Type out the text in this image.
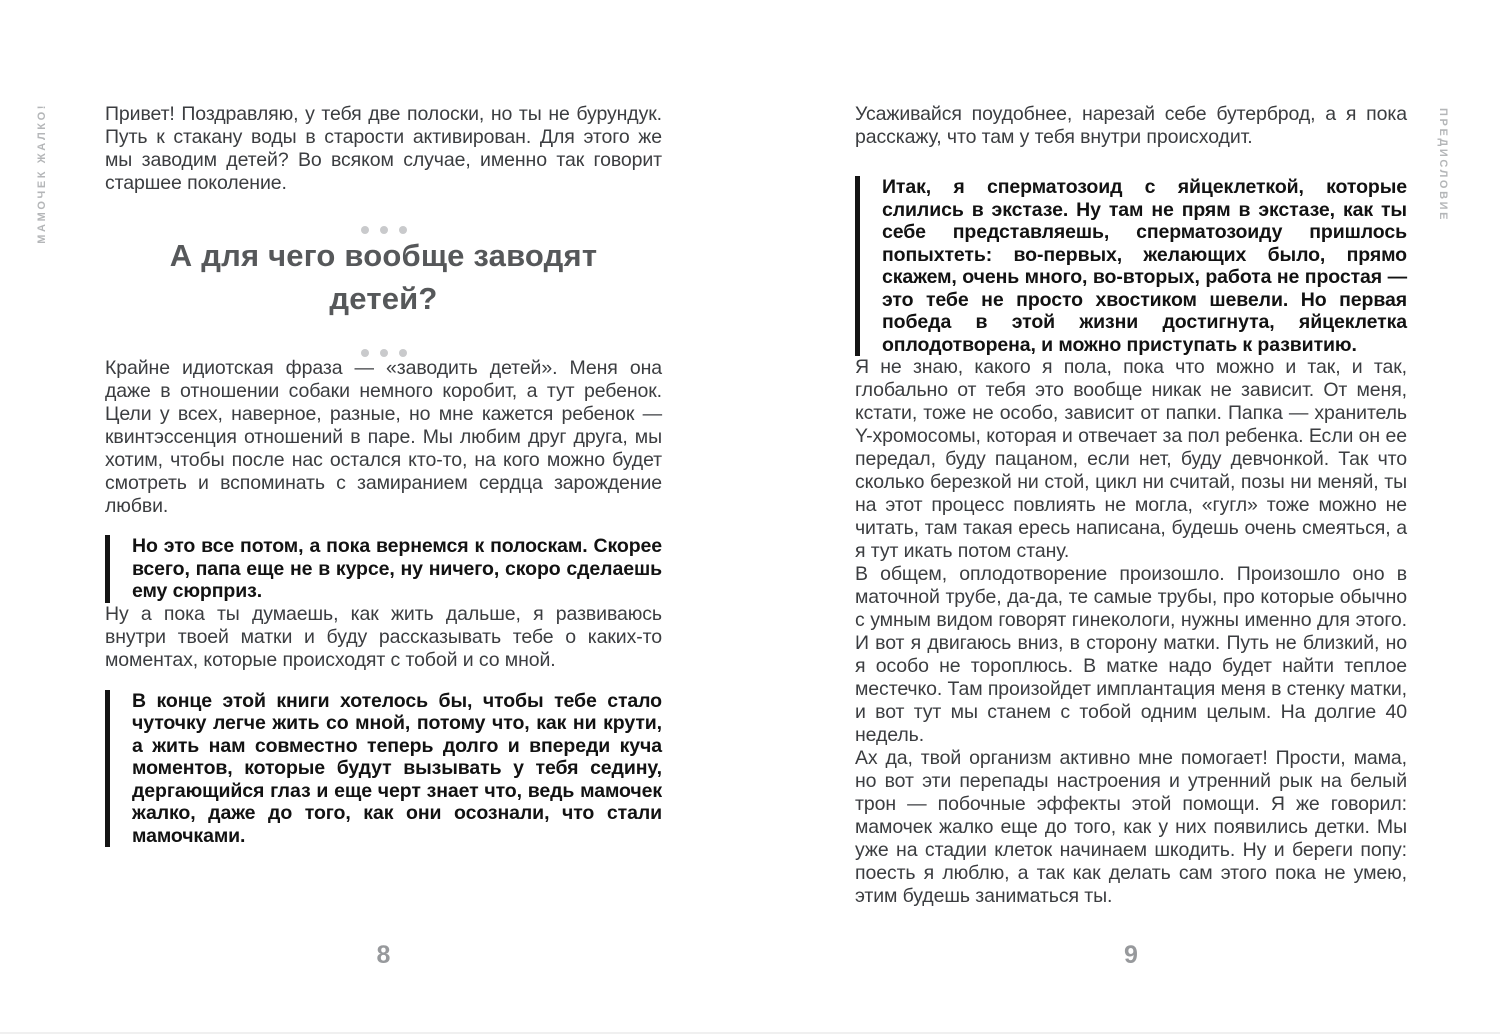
МАМОЧЕК ЖАЛКО!	ПРЕДИСЛОВИЕ

Привет! Поздравляю, у тебя две полоски, но ты не бурундук. Путь к стакану воды в старости активирован. Для этого же мы заводим детей? Во всяком случае, именно так говорит старшее поколение.

А для чего вообще заводят детей?

Крайне идиотская фраза — «заводить детей». Меня она даже в отношении собаки немного коробит, а тут ребенок. Цели у всех, наверное, разные, но мне кажется ребенок — квинтэссенция отношений в паре. Мы любим друг друга, мы хотим, чтобы после нас остался кто-то, на кого можно будет смотреть и вспоминать с замиранием сердца зарождение любви.

Но это все потом, а пока вернемся к полоскам. Скорее всего, папа еще не в курсе, ну ничего, скоро сделаешь ему сюрприз.

Ну а пока ты думаешь, как жить дальше, я развиваюсь внутри твоей матки и буду рассказывать тебе о каких-то моментах, которые происходят с тобой и со мной.

В конце этой книги хотелось бы, чтобы тебе стало чуточку легче жить со мной, потому что, как ни крути, а жить нам совместно теперь долго и впереди куча моментов, которые будут вызывать у тебя седину, дергающийся глаз и еще черт знает что, ведь мамочек жалко, даже до того, как они осознали, что стали мамочками.
8

Усаживайся поудобнее, нарезай себе бутерброд, а я пока расскажу, что там у тебя внутри происходит.

Итак, я сперматозоид с яйцеклеткой, которые слились в экстазе. Ну там не прям в экстазе, как ты себе представляешь, сперматозоиду пришлось попыхтеть: во-первых, желающих было, прямо скажем, очень много, во-вторых, работа не простая — это тебе не просто хвостиком шевели. Но первая победа в этой жизни достигнута, яйцеклетка оплодотворена, и можно приступать к развитию.

Я не знаю, какого я пола, пока что можно и так, и так, глобально от тебя это вообще никак не зависит. От меня, кстати, тоже не особо, зависит от папки. Папка — хранитель Y-хромосомы, которая и отвечает за пол ребенка. Если он ее передал, буду пацаном, если нет, буду девчонкой. Так что сколько березкой ни стой, цикл ни считай, позы ни меняй, ты на этот процесс повлиять не могла, «гугл» тоже можно не читать, там такая ересь написана, будешь очень смеяться, а я тут икать потом стану.

В общем, оплодотворение произошло. Произошло оно в маточной трубе, да-да, те самые трубы, про которые обычно с умным видом говорят гинекологи, нужны именно для этого. И вот я двигаюсь вниз, в сторону матки. Путь не близкий, но я особо не тороплюсь. В матке надо будет найти теплое местечко. Там произойдет имплантация меня в стенку матки, и вот тут мы станем с тобой одним целым. На долгие 40 недель.

Ах да, твой организм активно мне помогает! Прости, мама, но вот эти перепады настроения и утренний рык на белый трон — побочные эффекты этой помощи. Я же говорил: мамочек жалко еще до того, как у них появились детки. Мы уже на стадии клеток начинаем шкодить. Ну и береги попу: поесть я люблю, а так как делать сам этого пока не умею, этим будешь заниматься ты.

9
